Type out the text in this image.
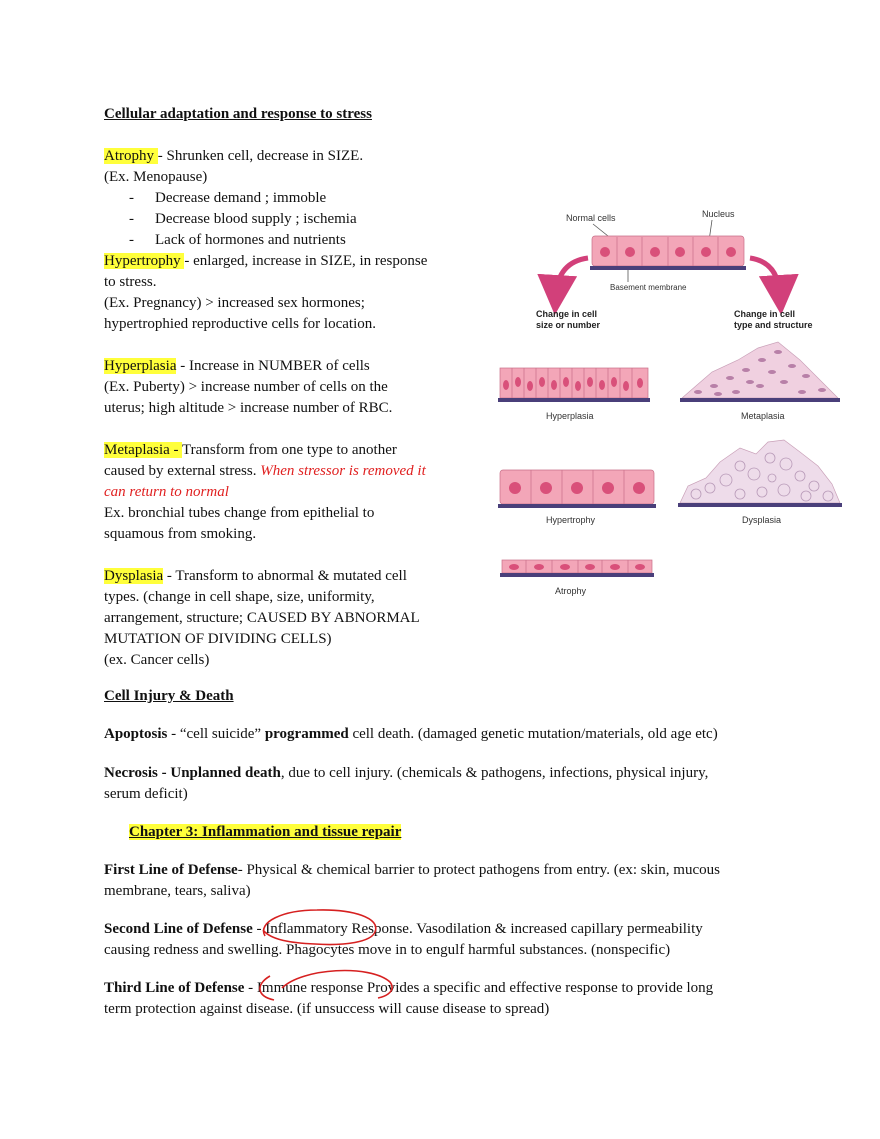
Cellular adaptation and response to stress
Atrophy - Shrunken cell, decrease in SIZE.
(Ex. Menopause)
- Decrease demand ; immoble
- Decrease blood supply ; ischemia
- Lack of hormones and nutrients
Hypertrophy - enlarged, increase in SIZE, in response
to stress.
(Ex. Pregnancy) > increased sex hormones;
hypertrophied reproductive cells for location.
Hyperplasia - Increase in NUMBER of cells
(Ex. Puberty) > increase number of cells on the
uterus; high altitude > increase number of RBC.
Metaplasia - Transform from one type to another
caused by external stress. When stressor is removed it
can return to normal
Ex. bronchial tubes change from epithelial to
squamous from smoking.
Dysplasia - Transform to abnormal & mutated cell
types. (change in cell shape, size, uniformity,
arrangement, structure; CAUSED BY ABNORMAL
MUTATION OF DIVIDING CELLS)
(ex. Cancer cells)
Normal cells	Nucleus
Basement membrane
Change in cell
size or number
Change in cell
type and structure
Hyperplasia	Metaplasia
Hypertrophy	Dysplasia
Atrophy
Cell Injury & Death
Apoptosis - “cell suicide” programmed cell death. (damaged genetic mutation/materials, old age etc)
Necrosis - Unplanned death, due to cell injury. (chemicals & pathogens, infections, physical injury,
serum deficit)
Chapter 3: Inflammation and tissue repair
First Line of Defense- Physical & chemical barrier to protect pathogens from entry. (ex: skin, mucous
membrane, tears, saliva)
Second Line of Defense - Inflammatory Response. Vasodilation & increased capillary permeability
causing redness and swelling. Phagocytes move in to engulf harmful substances. (nonspecific)
Third Line of Defense - Immune response Provides a specific and effective response to provide long
term protection against disease. (if unsuccess will cause disease to spread)
